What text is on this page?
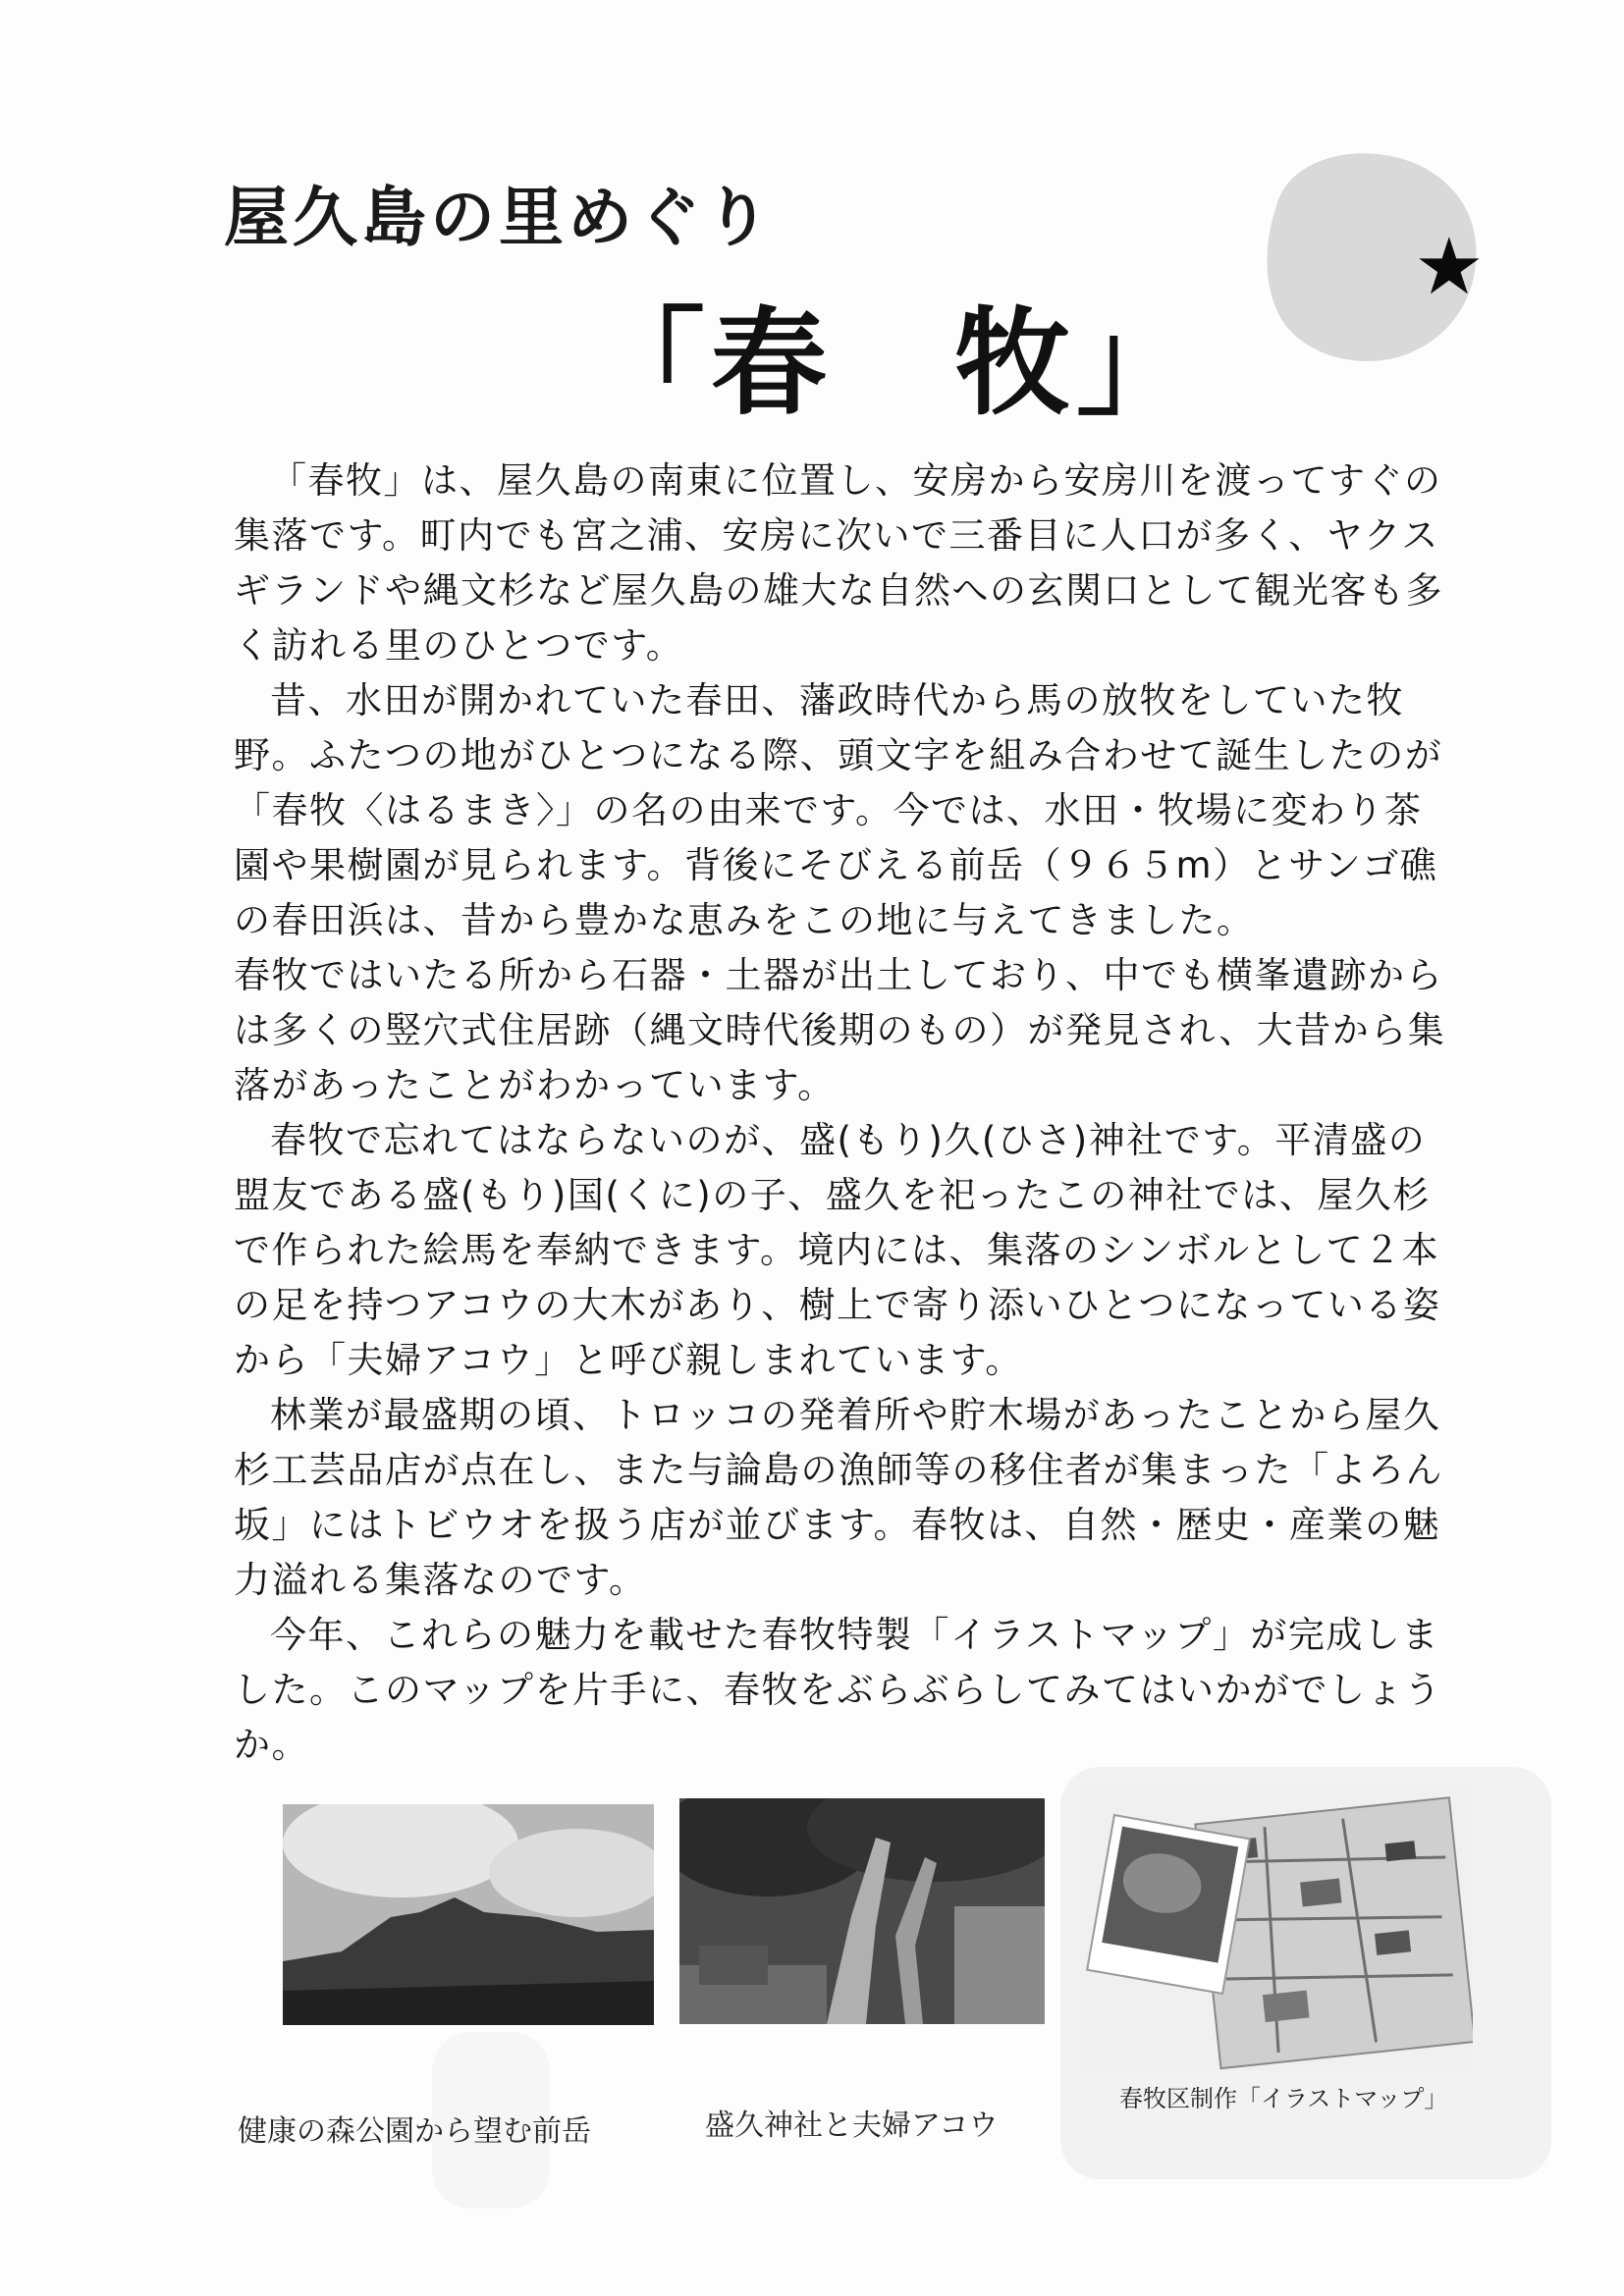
屋久島の里めぐり
「春　牧」
★

「春牧」は、屋久島の南東に位置し、安房から安房川を渡ってすぐの集落です。町内でも宮之浦、安房に次いで三番目に人口が多く、ヤクスギランドや縄文杉など屋久島の雄大な自然への玄関口として観光客も多く訪れる里のひとつです。

昔、水田が開かれていた春田、藩政時代から馬の放牧をしていた牧野。ふたつの地がひとつになる際、頭文字を組み合わせて誕生したのが「春牧〈はるまき〉」の名の由来です。今では、水田・牧場に変わり茶園や果樹園が見られます。背後にそびえる前岳（９６５m）とサンゴ礁の春田浜は、昔から豊かな恵みをこの地に与えてきました。

春牧ではいたる所から石器・土器が出土しており、中でも横峯遺跡からは多くの竪穴式住居跡（縄文時代後期のもの）が発見され、大昔から集落があったことがわかっています。

春牧で忘れてはならないのが、盛(もり)久(ひさ)神社です。平清盛の盟友である盛(もり)国(くに)の子、盛久を祀ったこの神社では、屋久杉で作られた絵馬を奉納できます。境内には、集落のシンボルとして２本の足を持つアコウの大木があり、樹上で寄り添いひとつになっている姿から「夫婦アコウ」と呼び親しまれています。

林業が最盛期の頃、トロッコの発着所や貯木場があったことから屋久杉工芸品店が点在し、また与論島の漁師等の移住者が集まった「よろん坂」にはトビウオを扱う店が並びます。春牧は、自然・歴史・産業の魅力溢れる集落なのです。

今年、これらの魅力を載せた春牧特製「イラストマップ」が完成しました。このマップを片手に、春牧をぶらぶらしてみてはいかがでしょうか。

健康の森公園から望む前岳	盛久神社と夫婦アコウ
春牧区制作「イラストマップ」
